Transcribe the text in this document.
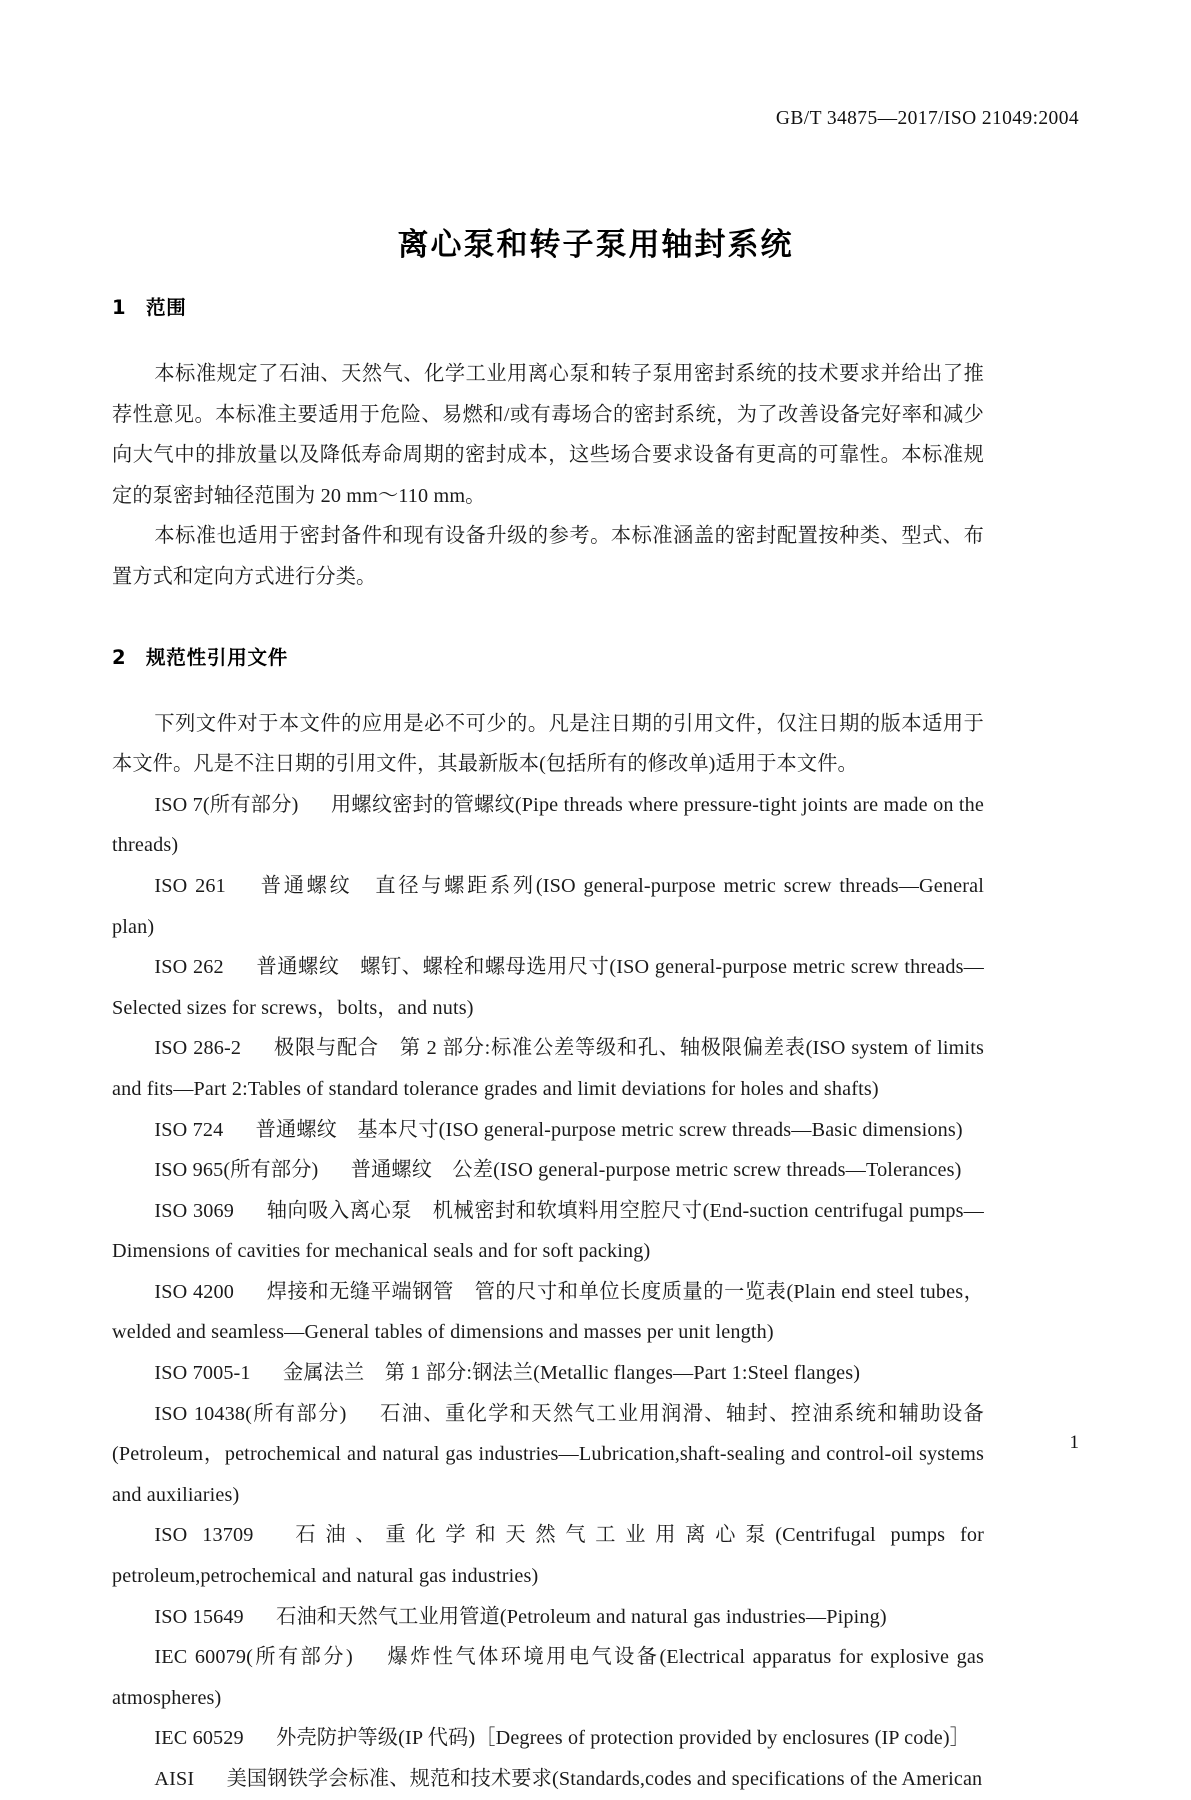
GB/T 34875—2017/ISO 21049:2004
离心泵和转子泵用轴封系统
1 范围

本标准规定了石油、天然气、化学工业用离心泵和转子泵用密封系统的技术要求并给出了推荐性意见。本标准主要适用于危险、易燃和/或有毒场合的密封系统，为了改善设备完好率和减少向大气中的排放量以及降低寿命周期的密封成本，这些场合要求设备有更高的可靠性。本标准规定的泵密封轴径范围为 20 mm～110 mm。

本标准也适用于密封备件和现有设备升级的参考。本标准涵盖的密封配置按种类、型式、布置方式和定向方式进行分类。

2 规范性引用文件

下列文件对于本文件的应用是必不可少的。凡是注日期的引用文件，仅注日期的版本适用于本文件。凡是不注日期的引用文件，其最新版本(包括所有的修改单)适用于本文件。

ISO 7(所有部分) 用螺纹密封的管螺纹(Pipe threads where pressure-tight joints are made on the threads)

ISO 261 普通螺纹　直径与螺距系列(ISO general-purpose metric screw threads—General plan)

ISO 262 普通螺纹　螺钉、螺栓和螺母选用尺寸(ISO general-purpose metric screw threads—Selected sizes for screws，bolts，and nuts)

ISO 286-2 极限与配合　第 2 部分:标准公差等级和孔、轴极限偏差表(ISO system of limits and fits—Part 2:Tables of standard tolerance grades and limit deviations for holes and shafts)

ISO 724 普通螺纹　基本尺寸(ISO general-purpose metric screw threads—Basic dimensions)

ISO 965(所有部分) 普通螺纹　公差(ISO general-purpose metric screw threads—Tolerances)

ISO 3069 轴向吸入离心泵　机械密封和软填料用空腔尺寸(End-suction centrifugal pumps—Dimensions of cavities for mechanical seals and for soft packing)

ISO 4200 焊接和无缝平端钢管　管的尺寸和单位长度质量的一览表(Plain end steel tubes，welded and seamless—General tables of dimensions and masses per unit length)

ISO 7005-1 金属法兰　第 1 部分:钢法兰(Metallic flanges—Part 1:Steel flanges)

ISO 10438(所有部分) 石油、重化学和天然气工业用润滑、轴封、控油系统和辅助设备(Petroleum，petrochemical and natural gas industries—Lubrication,shaft-sealing and control-oil systems and auxiliaries)

ISO 13709 石油、重化学和天然气工业用离心泵(Centrifugal pumps for petroleum,petrochemical and natural gas industries)

ISO 15649 石油和天然气工业用管道(Petroleum and natural gas industries—Piping)

IEC 60079(所有部分) 爆炸性气体环境用电气设备(Electrical apparatus for explosive gas atmospheres)

IEC 60529 外壳防护等级(IP 代码)［Degrees of protection provided by enclosures (IP code)］

AISI 美国钢铁学会标准、规范和技术要求(Standards,codes and specifications of the American

1
